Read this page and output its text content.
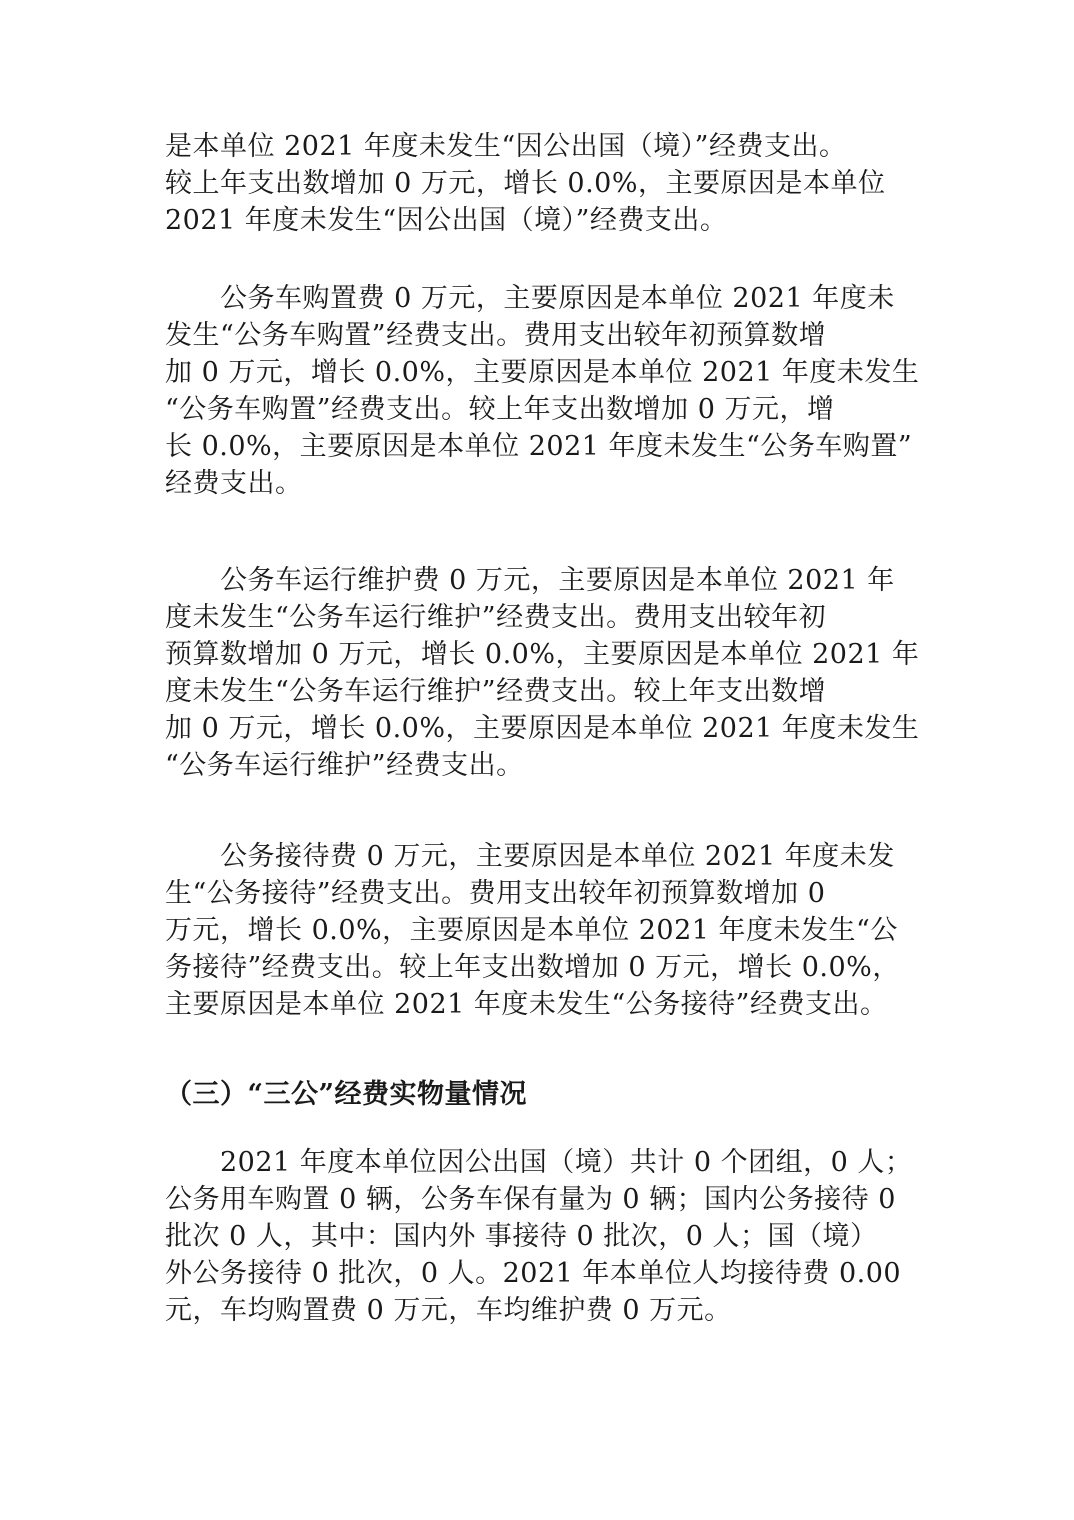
是本单位 2021 年度未发生“因公出国（境）”经费支出。
较上年支出数增加 0 万元，增长 0.0%，主要原因是本单位
2021 年度未发生“因公出国（境）”经费支出。
　　公务车购置费 0 万元，主要原因是本单位 2021 年度未
发生“公务车购置”经费支出。费用支出较年初预算数增
加 0 万元，增长 0.0%，主要原因是本单位 2021 年度未发生
“公务车购置”经费支出。较上年支出数增加 0 万元，增
长 0.0%，主要原因是本单位 2021 年度未发生“公务车购置”
经费支出。
　　公务车运行维护费 0 万元，主要原因是本单位 2021 年
度未发生“公务车运行维护”经费支出。费用支出较年初
预算数增加 0 万元，增长 0.0%，主要原因是本单位 2021 年
度未发生“公务车运行维护”经费支出。较上年支出数增
加 0 万元，增长 0.0%，主要原因是本单位 2021 年度未发生
“公务车运行维护”经费支出。
　　公务接待费 0 万元，主要原因是本单位 2021 年度未发
生“公务接待”经费支出。费用支出较年初预算数增加 0
万元，增长 0.0%，主要原因是本单位 2021 年度未发生“公
务接待”经费支出。较上年支出数增加 0 万元，增长 0.0%，
主要原因是本单位 2021 年度未发生“公务接待”经费支出。
（三）“三公”经费实物量情况
　　2021 年度本单位因公出国（境）共计 0 个团组，0 人；
公务用车购置 0 辆，公务车保有量为 0 辆；国内公务接待 0
批次 0 人，其中：国内外 事接待 0 批次，0 人；国（境）
外公务接待 0 批次，0 人。2021 年本单位人均接待费 0.00
元，车均购置费 0 万元，车均维护费 0 万元。
